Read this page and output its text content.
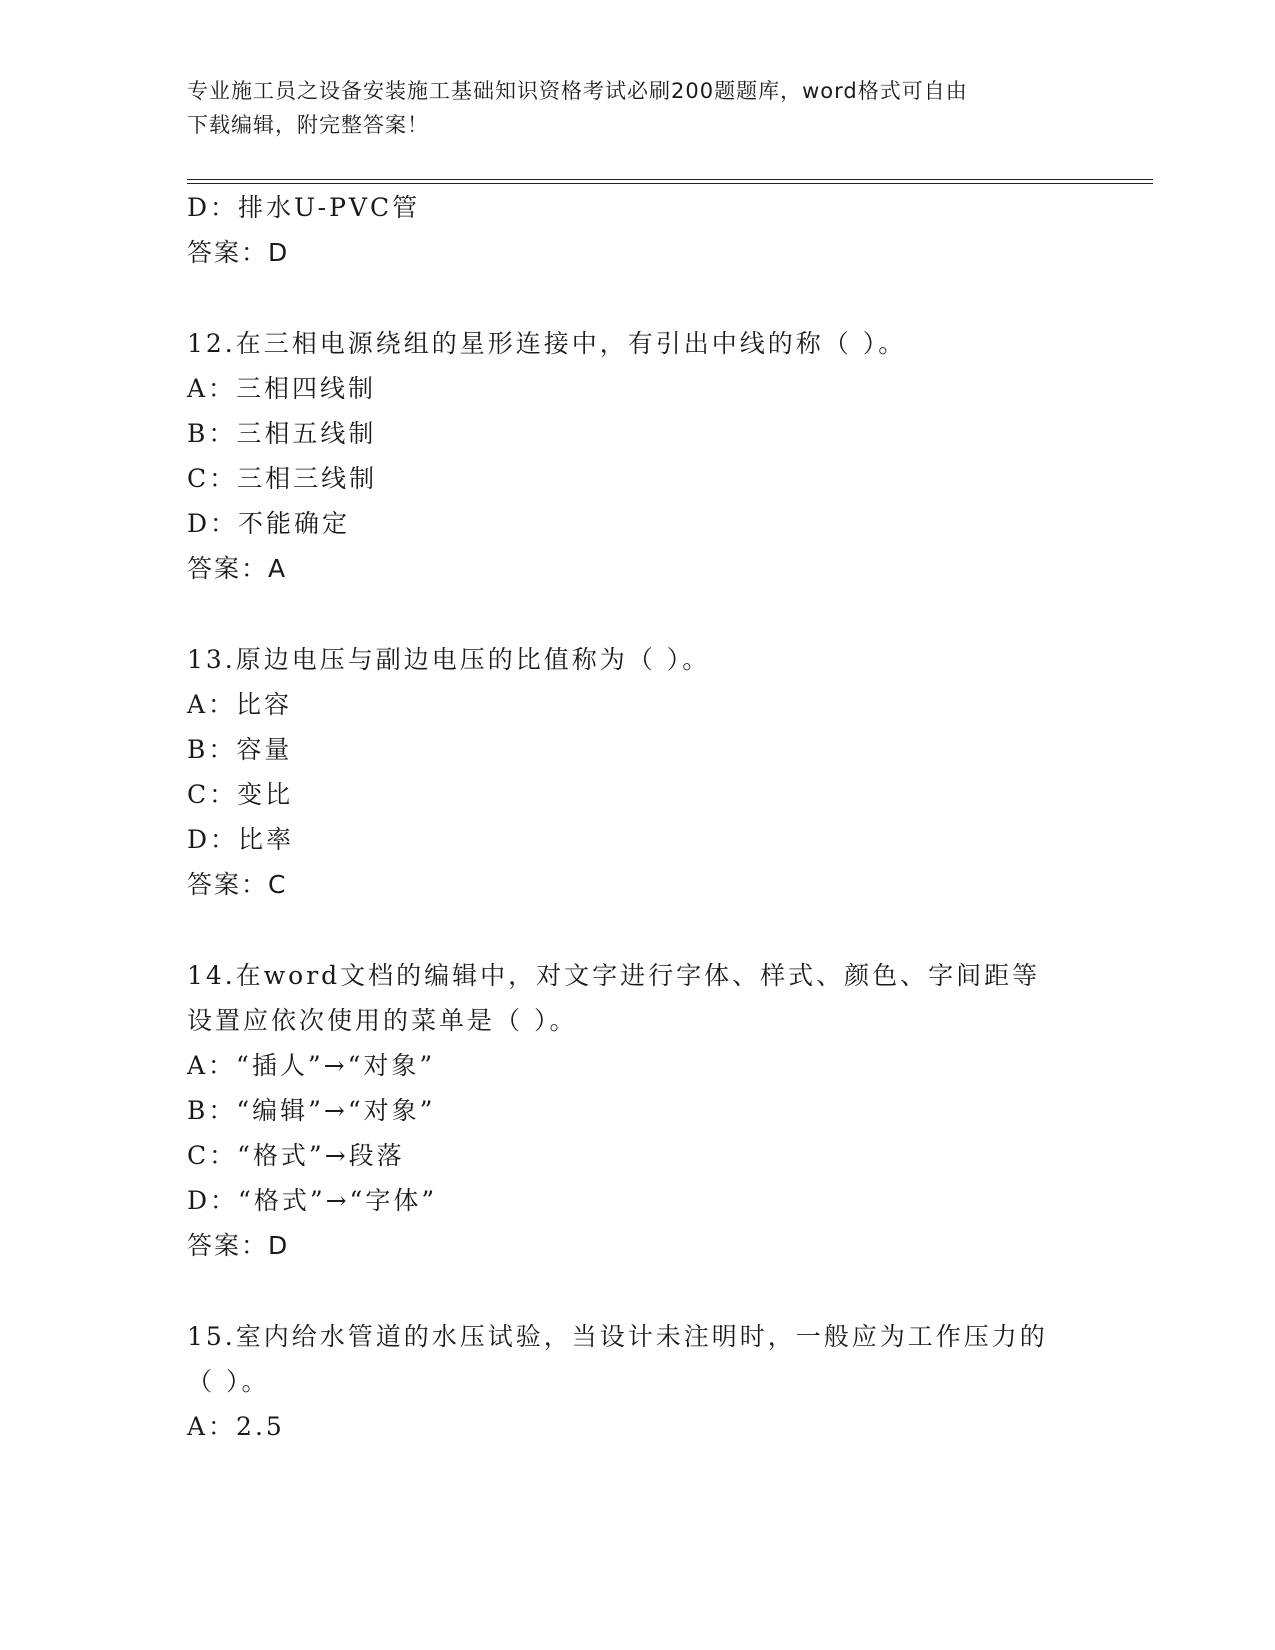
专业施工员之设备安装施工基础知识资格考试必刷200题题库，word格式可自由
下载编辑，附完整答案！
D：排水U-PVC管
答案：D
12.在三相电源绕组的星形连接中，有引出中线的称（ ）。
A：三相四线制
B：三相五线制
C：三相三线制
D：不能确定
答案：A
13.原边电压与副边电压的比值称为（ ）。
A：比容
B：容量
C：变比
D：比率
答案：C
14.在word文档的编辑中，对文字进行字体、样式、颜色、字间距等
设置应依次使用的菜单是（ ）。
A：“插人”→“对象”
B：“编辑”→“对象”
C：“格式”→段落
D：“格式”→“字体”
答案：D
15.室内给水管道的水压试验，当设计未注明时，一般应为工作压力的
（ ）。
A：2.5
